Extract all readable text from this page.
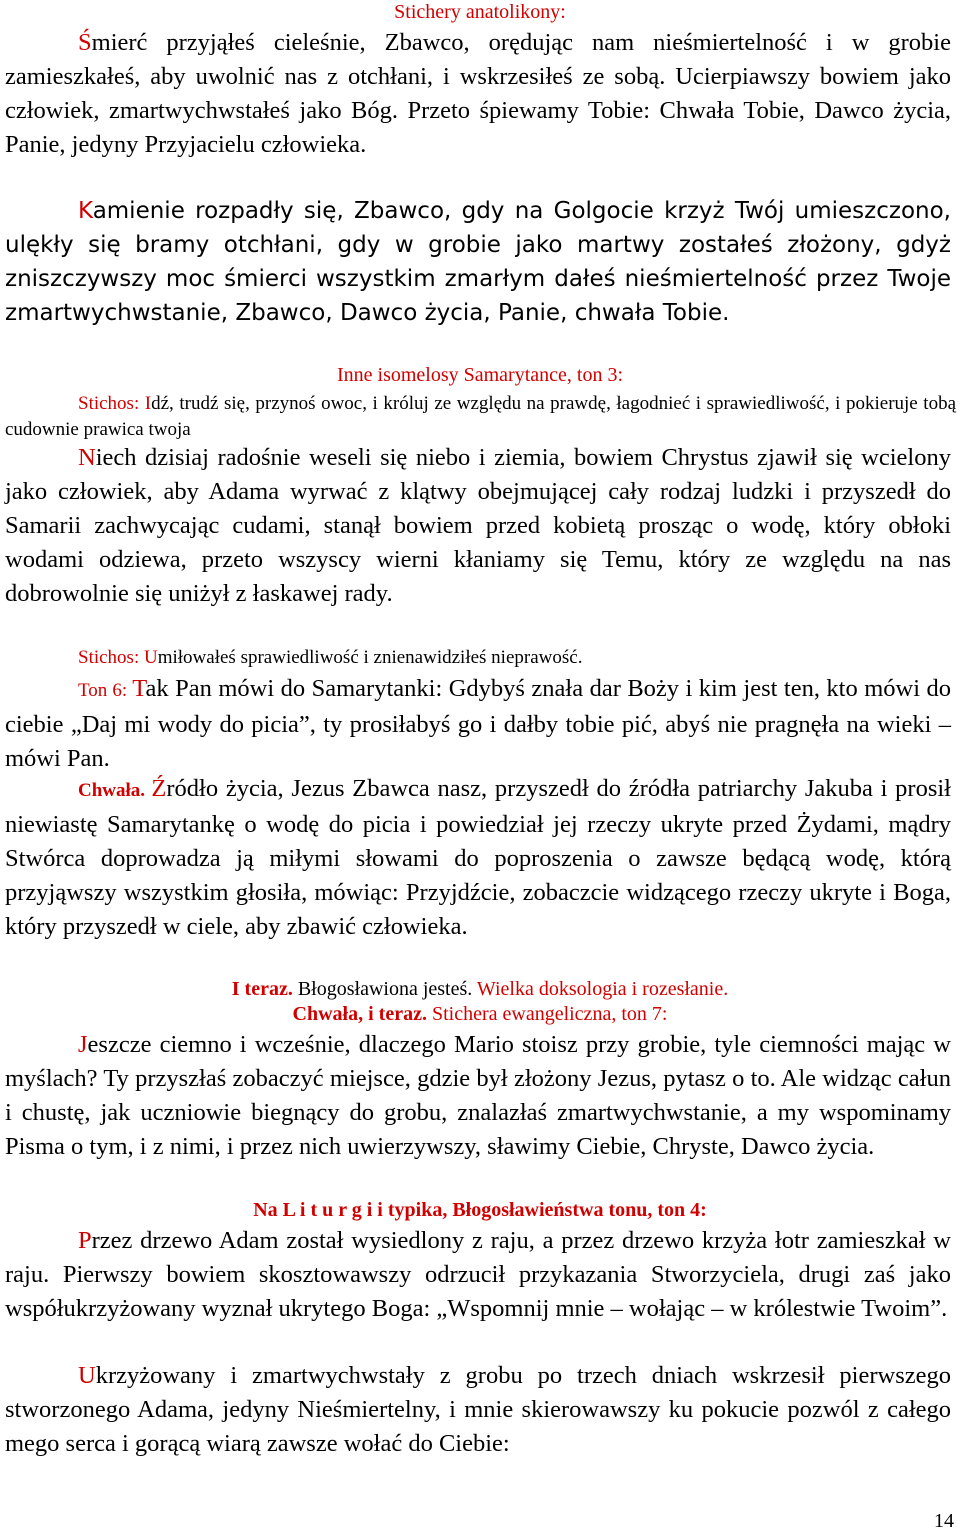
Stichery anatolikony:
Śmierć przyjąłeś cieleśnie, Zbawco, orędując nam nieśmiertelność i w grobie zamieszkałeś, aby uwolnić nas z otchłani, i wskrzesiłeś ze sobą. Ucierpiawszy bowiem jako człowiek, zmartwychwstałeś jako Bóg. Przeto śpiewamy Tobie: Chwała Tobie, Dawco życia, Panie, jedyny Przyjacielu człowieka.
Kamienie rozpadły się, Zbawco, gdy na Golgocie krzyż Twój umieszczono, ulękły się bramy otchłani, gdy w grobie jako martwy zostałeś złożony, gdyż zniszczywszy moc śmierci wszystkim zmarłym dałeś nieśmiertelność przez Twoje zmartwychwstanie, Zbawco, Dawco życia, Panie, chwała Tobie.
Inne isomelosy Samarytance, ton 3:
Stichos: Idź, trudź się, przynoś owoc, i króluj ze względu na prawdę, łagodnieć i sprawiedliwość, i pokieruje tobą cudownie prawica twoja
Niech dzisiaj radośnie weseli się niebo i ziemia, bowiem Chrystus zjawił się wcielony jako człowiek, aby Adama wyrwać z klątwy obejmującej cały rodzaj ludzki i przyszedł do Samarii zachwycając cudami, stanął bowiem przed kobietą prosząc o wodę, który obłoki wodami odziewa, przeto wszyscy wierni kłaniamy się Temu, który ze względu na nas dobrowolnie się uniżył z łaskawej rady.
Stichos: Umiłowałeś sprawiedliwość i znienawidziłeś nieprawość.
Ton 6: Tak Pan mówi do Samarytanki: Gdybyś znała dar Boży i kim jest ten, kto mówi do ciebie „Daj mi wody do picia”, ty prosiłabyś go i dałby tobie pić, abyś nie pragnęła na wieki – mówi Pan.
Chwała. Źródło życia, Jezus Zbawca nasz, przyszedł do źródła patriarchy Jakuba i prosił niewiastę Samarytankę o wodę do picia i powiedział jej rzeczy ukryte przed Żydami, mądry Stwórca doprowadza ją miłymi słowami do poproszenia o zawsze będącą wodę, którą przyjąwszy wszystkim głosiła, mówiąc: Przyjdźcie, zobaczcie widzącego rzeczy ukryte i Boga, który przyszedł w ciele, aby zbawić człowieka.
I teraz. Błogosławiona jesteś. Wielka doksologia i rozesłanie.
Chwała, i teraz. Stichera ewangeliczna, ton 7:
Jeszcze ciemno i wcześnie, dlaczego Mario stoisz przy grobie, tyle ciemności mając w myślach? Ty przyszłaś zobaczyć miejsce, gdzie był złożony Jezus, pytasz o to. Ale widząc całun i chustę, jak uczniowie biegnący do grobu, znalazłaś zmartwychwstanie, a my wspominamy Pisma o tym, i z nimi, i przez nich uwierzywszy, sławimy Ciebie, Chryste, Dawco życia.
Na L i t u r g i i typika, Błogosławieństwa tonu, ton 4:
Przez drzewo Adam został wysiedlony z raju, a przez drzewo krzyża łotr zamieszkał w raju. Pierwszy bowiem skosztowawszy odrzucił przykazania Stworzyciela, drugi zaś jako współukrzyżowany wyznał ukrytego Boga: „Wspomnij mnie – wołając – w królestwie Twoim”.
Ukrzyżowany i zmartwychwstały z grobu po trzech dniach wskrzesił pierwszego stworzonego Adama, jedyny Nieśmiertelny, i mnie skierowawszy ku pokucie pozwól z całego mego serca i gorącą wiarą zawsze wołać do Ciebie:
14
